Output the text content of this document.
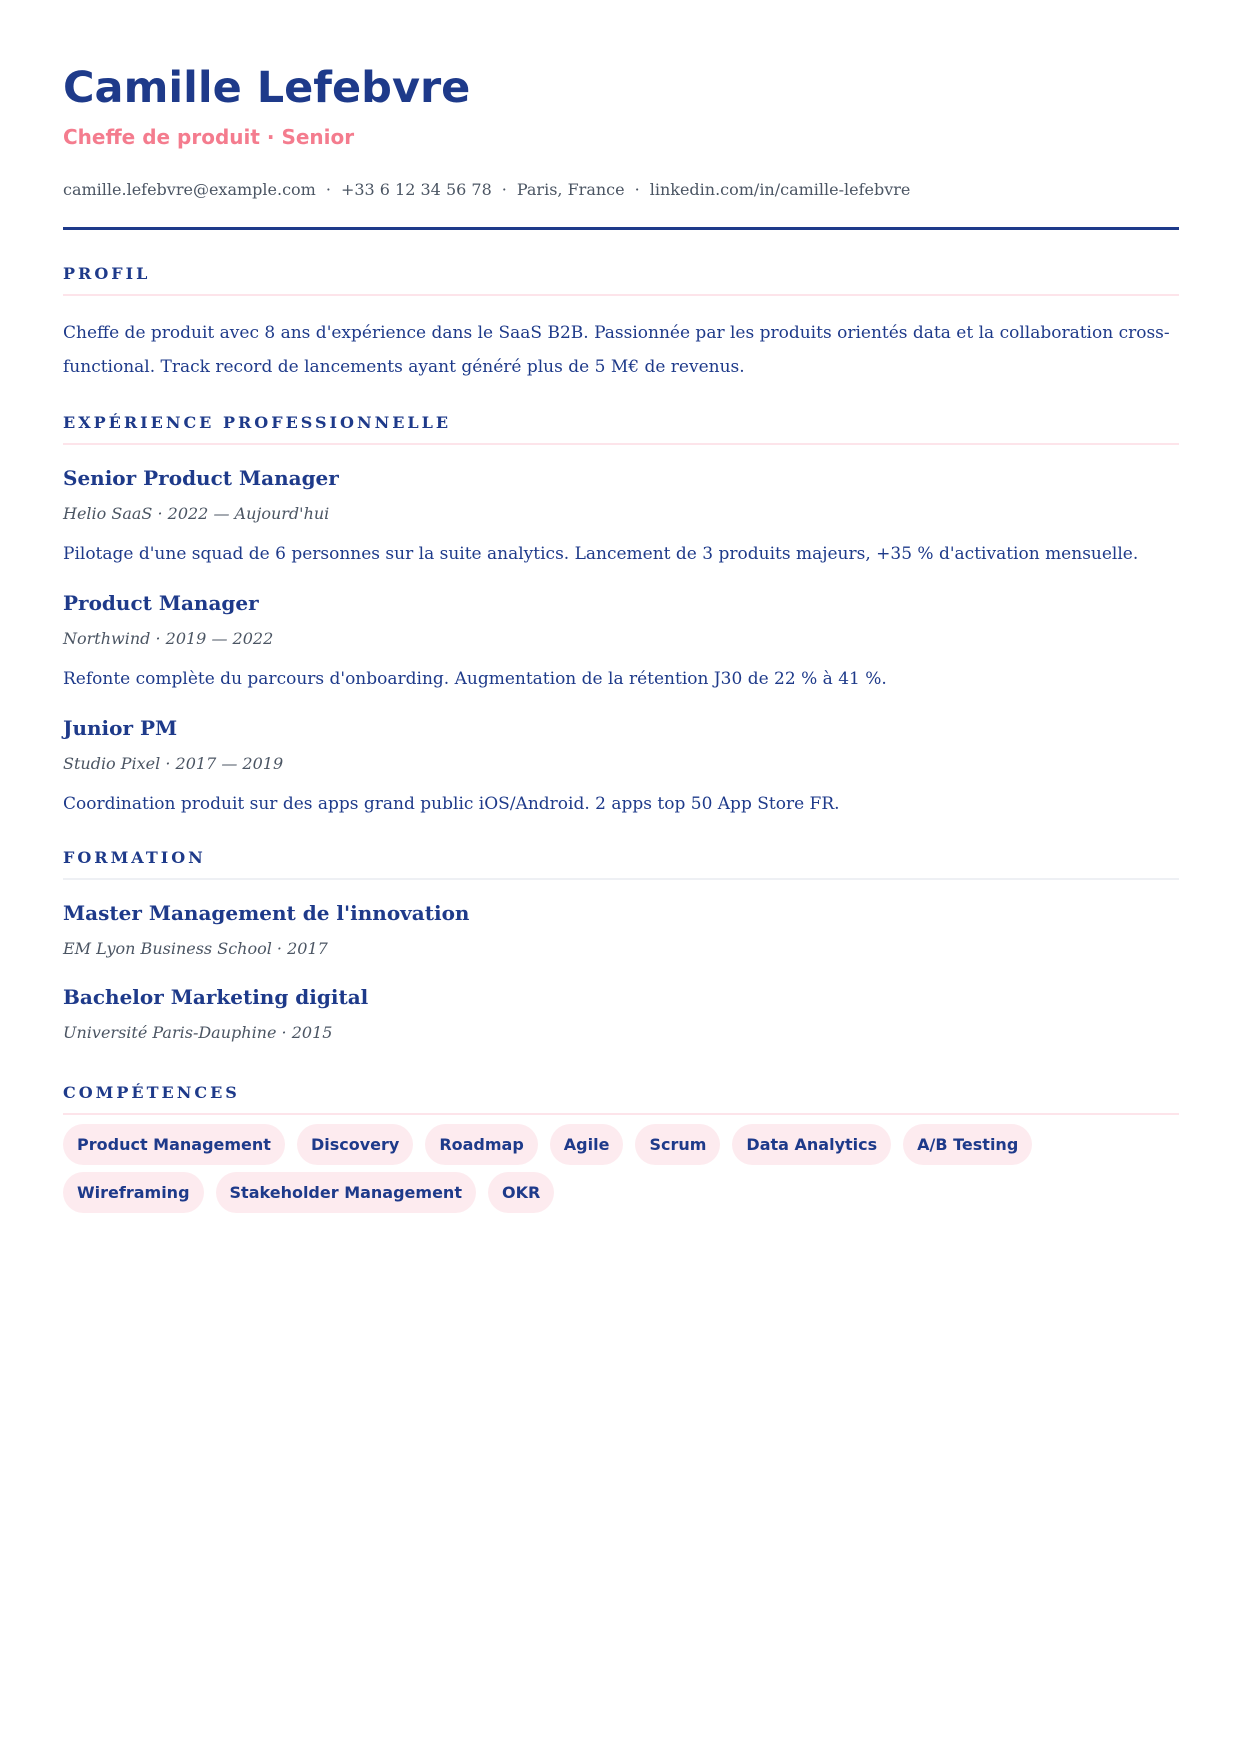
Camille Lefebvre
Cheffe de produit · Senior
camille.lefebvre@example.com · +33 6 12 34 56 78 · Paris, France · linkedin.com/in/camille-lefebvre
PROFIL
Cheffe de produit avec 8 ans d'expérience dans le SaaS B2B. Passionnée par les produits orientés data et la collaboration cross-functional. Track record de lancements ayant généré plus de 5 M€ de revenus.
EXPÉRIENCE PROFESSIONNELLE
Senior Product Manager
Helio SaaS · 2022 — Aujourd'hui
Pilotage d'une squad de 6 personnes sur la suite analytics. Lancement de 3 produits majeurs, +35 % d'activation mensuelle.
Product Manager
Northwind · 2019 — 2022
Refonte complète du parcours d'onboarding. Augmentation de la rétention J30 de 22 % à 41 %.
Junior PM
Studio Pixel · 2017 — 2019
Coordination produit sur des apps grand public iOS/Android. 2 apps top 50 App Store FR.
FORMATION
Master Management de l'innovation
EM Lyon Business School · 2017
Bachelor Marketing digital
Université Paris-Dauphine · 2015
COMPÉTENCES
Product Management	Discovery	Roadmap	Agile	Scrum	Data Analytics	A/B Testing
Wireframing	Stakeholder Management	OKR
